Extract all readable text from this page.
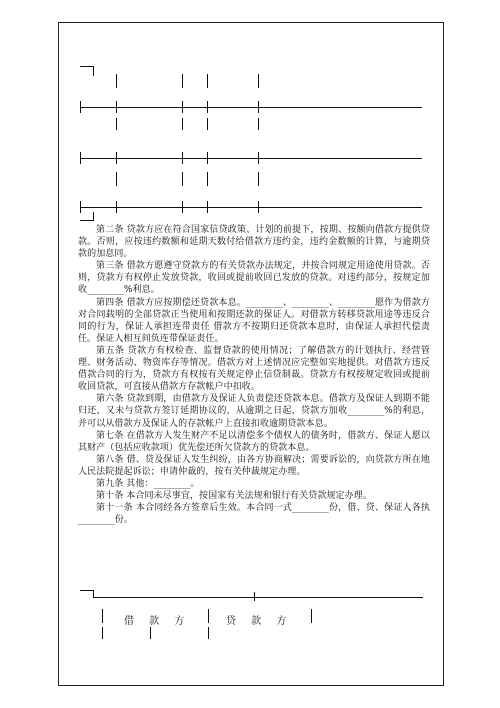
第二条 贷款方应在符合国家信贷政策、计划的前提下，按期、按额向借款方提供贷款。否则，应按违约数额和延期天数付给借款方违约金，违约金数额的计算，与逾期贷款的加息同。

第三条 借款方愿遵守贷款方的有关贷款办法规定，并按合同规定用途使用贷款。否则，贷款方有权停止发放贷款，收回或提前收回已发放的贷款。对违约部分，按规定加收________%利息。

第四条 借款方应按期偿还贷款本息。________、________、________愿作为借款方对合同载明的全部贷款正当使用和按期还款的保证人。对借款方转移贷款用途等违反合同的行为，保证人承担连带责任 借款方不按期归还贷款本息时，由保证人承担代偿责任。保证人相互间负连带保证责任。

第五条 贷款方有权检查、监督贷款的使用情况；了解借款方的计划执行、经营管理、财务活动、物资库存等情况。借款方对上述情况应完整如实地提供。对借款方违反借款合同的行为，贷款方有权按有关规定停止信贷制裁。贷款方有权按规定收回或提前收回贷款，可直接从借款方存款帐户中扣收。

第六条 贷款到期，由借款方及保证人负责偿还贷款本息。借款方及保证人到期不能归还，又未与贷款方签订延期协议的，从逾期之日起，贷款方加收________%的利息，并可以从借款方及保证人的存款帐户上直接扣收逾期贷款本息。

第七条 在借款方人发生财产不足以清偿多个债权人的债务时，借款方、保证人愿以其财产（包括应收款项）优先偿还所欠贷款方的贷款本息。

第八条 借、贷及保证人发生纠纷，由各方协商解决；需要诉讼的，向贷款方所在地人民法院提起诉讼；申请仲裁的，按有关仲裁规定办理。

第九条 其他：________。

第十条 本合同未尽事宜，按国家有关法规和银行有关贷款规定办理。

第十一条 本合同经各方签章后生效。本合同一式________份，借、贷、保证人各执________份。

借 款 方	贷 款 方
